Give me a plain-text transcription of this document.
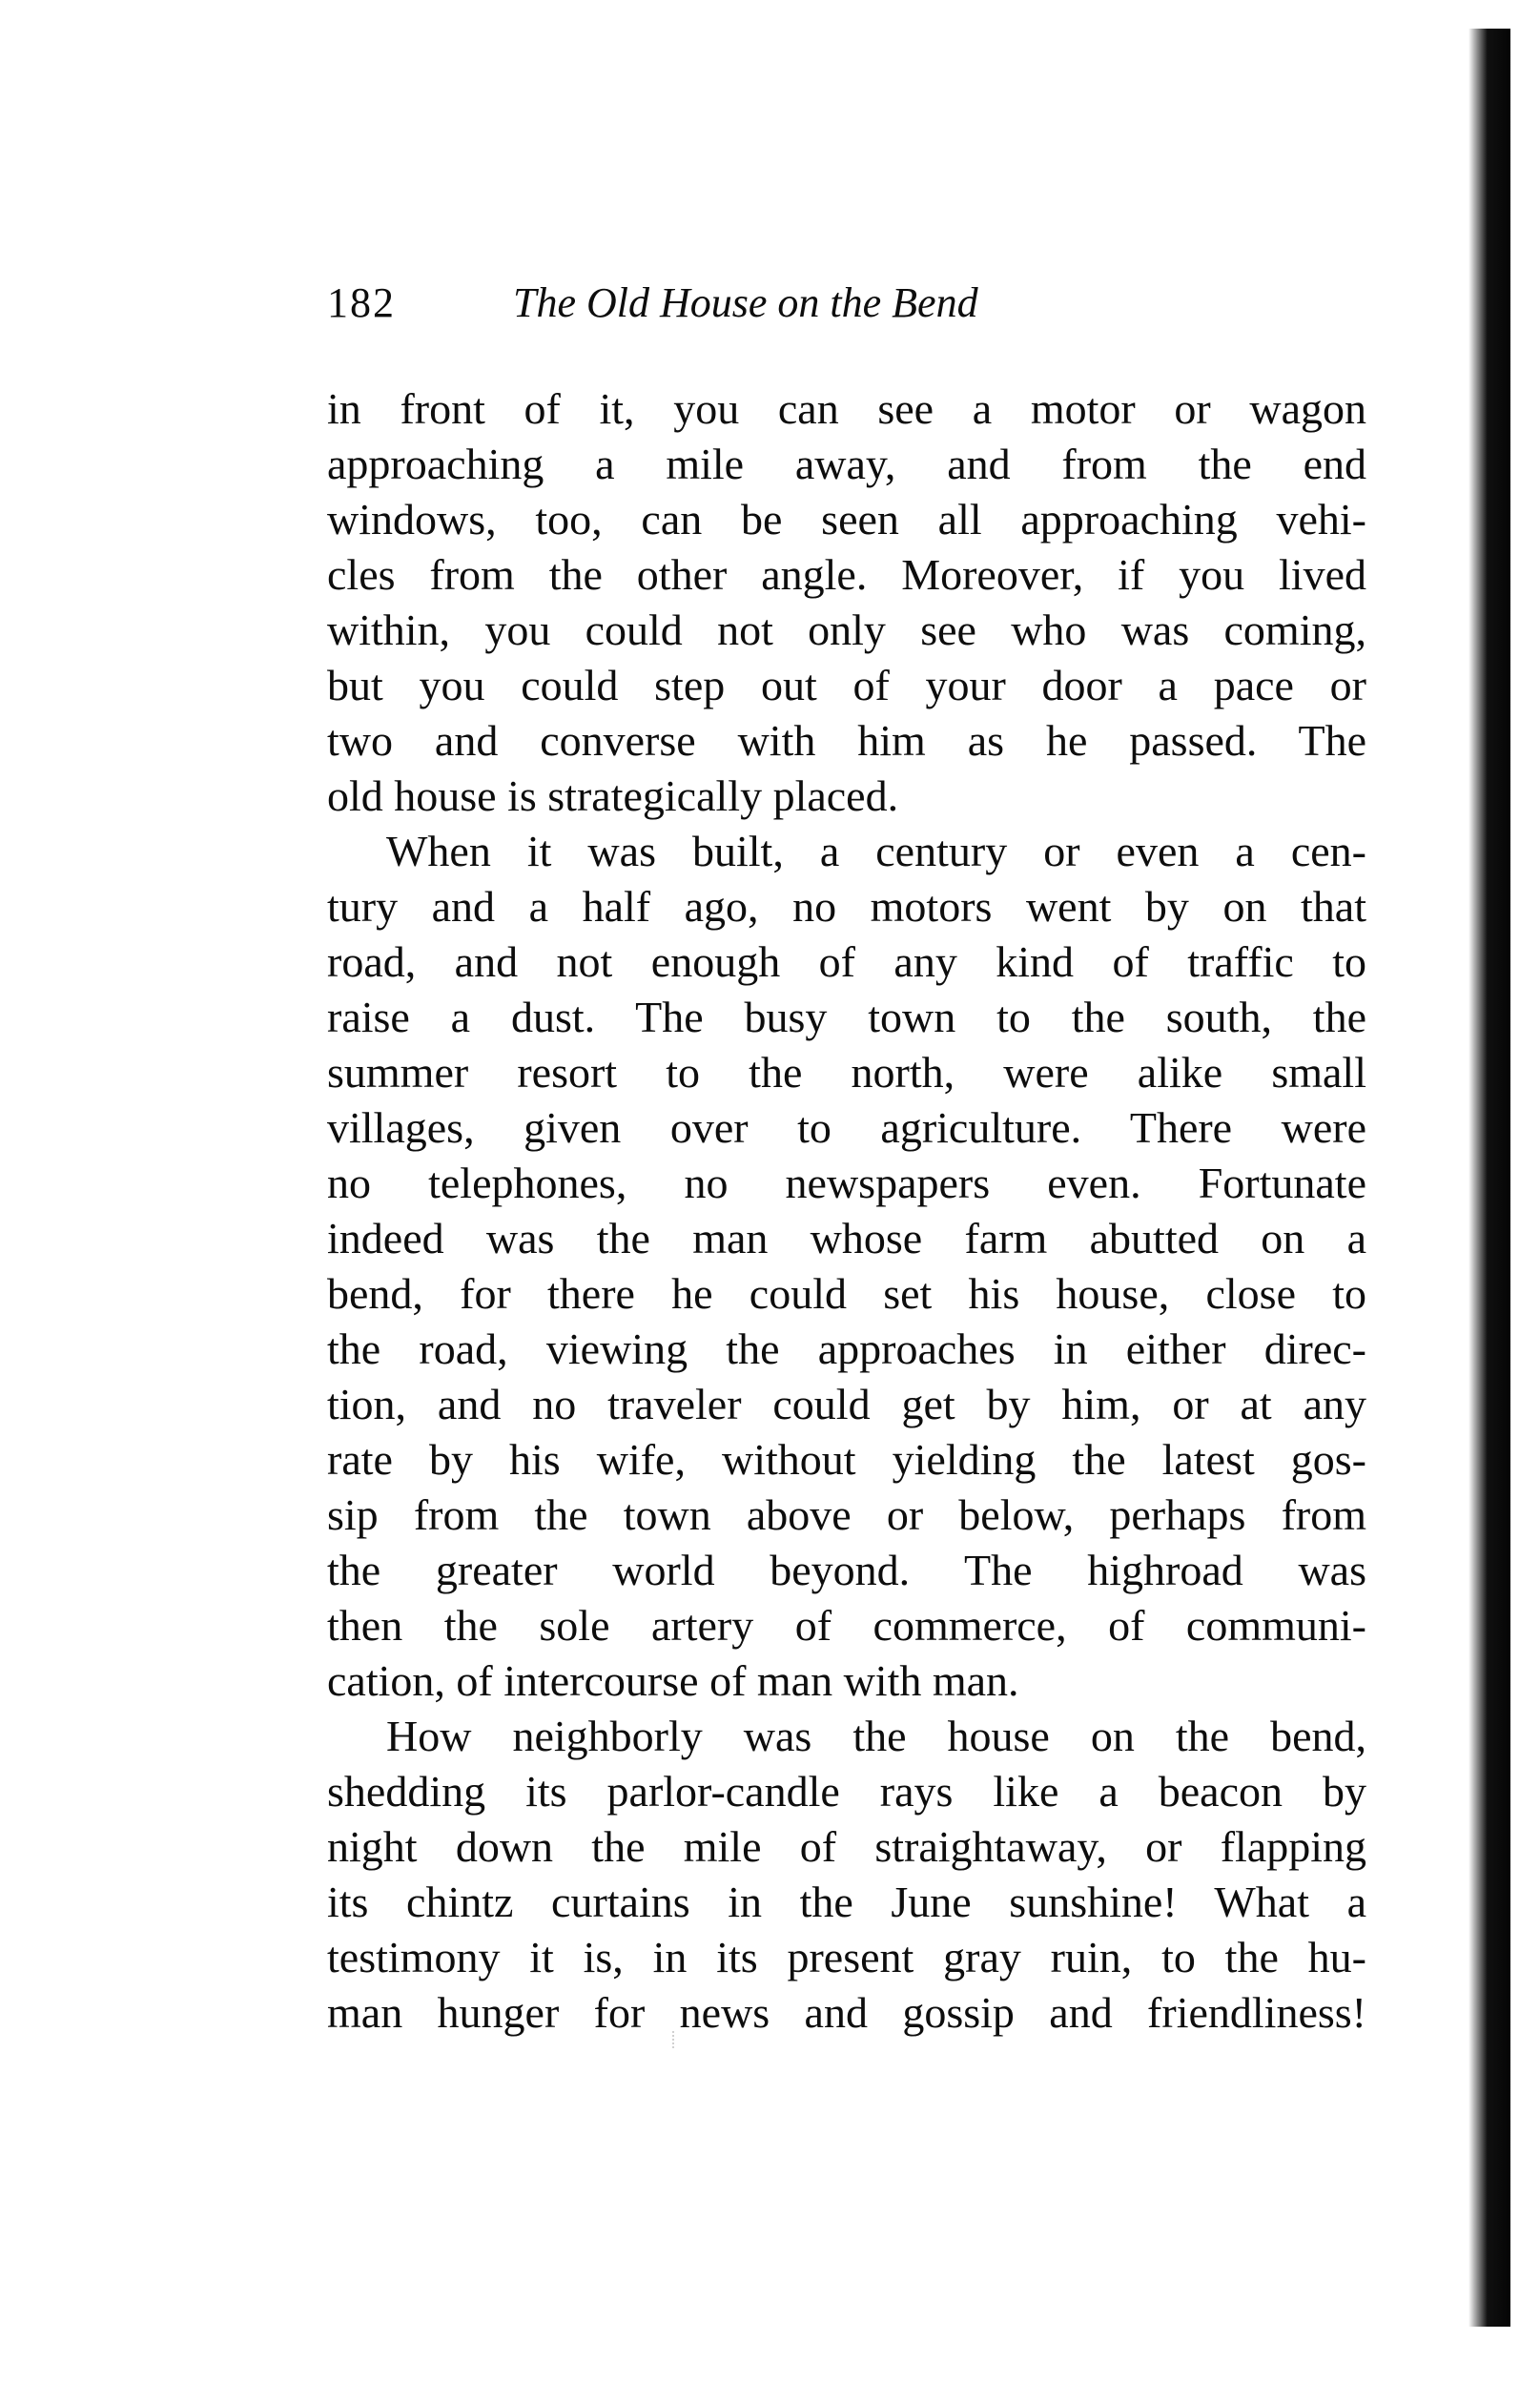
182	The Old House on the Bend
in front of it, you can see a motor or wagon
approaching a mile away, and from the end
windows, too, can be seen all approaching vehi-
cles from the other angle. Moreover, if you lived
within, you could not only see who was coming,
but you could step out of your door a pace or
two and converse with him as he passed. The
old house is strategically placed.
When it was built, a century or even a cen-
tury and a half ago, no motors went by on that
road, and not enough of any kind of traffic to
raise a dust. The busy town to the south, the
summer resort to the north, were alike small
villages, given over to agriculture. There were
no telephones, no newspapers even. Fortunate
indeed was the man whose farm abutted on a
bend, for there he could set his house, close to
the road, viewing the approaches in either direc-
tion, and no traveler could get by him, or at any
rate by his wife, without yielding the latest gos-
sip from the town above or below, perhaps from
the greater world beyond. The highroad was
then the sole artery of commerce, of communi-
cation, of intercourse of man with man.
How neighborly was the house on the bend,
shedding its parlor-candle rays like a beacon by
night down the mile of straightaway, or flapping
its chintz curtains in the June sunshine! What a
testimony it is, in its present gray ruin, to the hu-
man hunger for news and gossip and friendliness!
